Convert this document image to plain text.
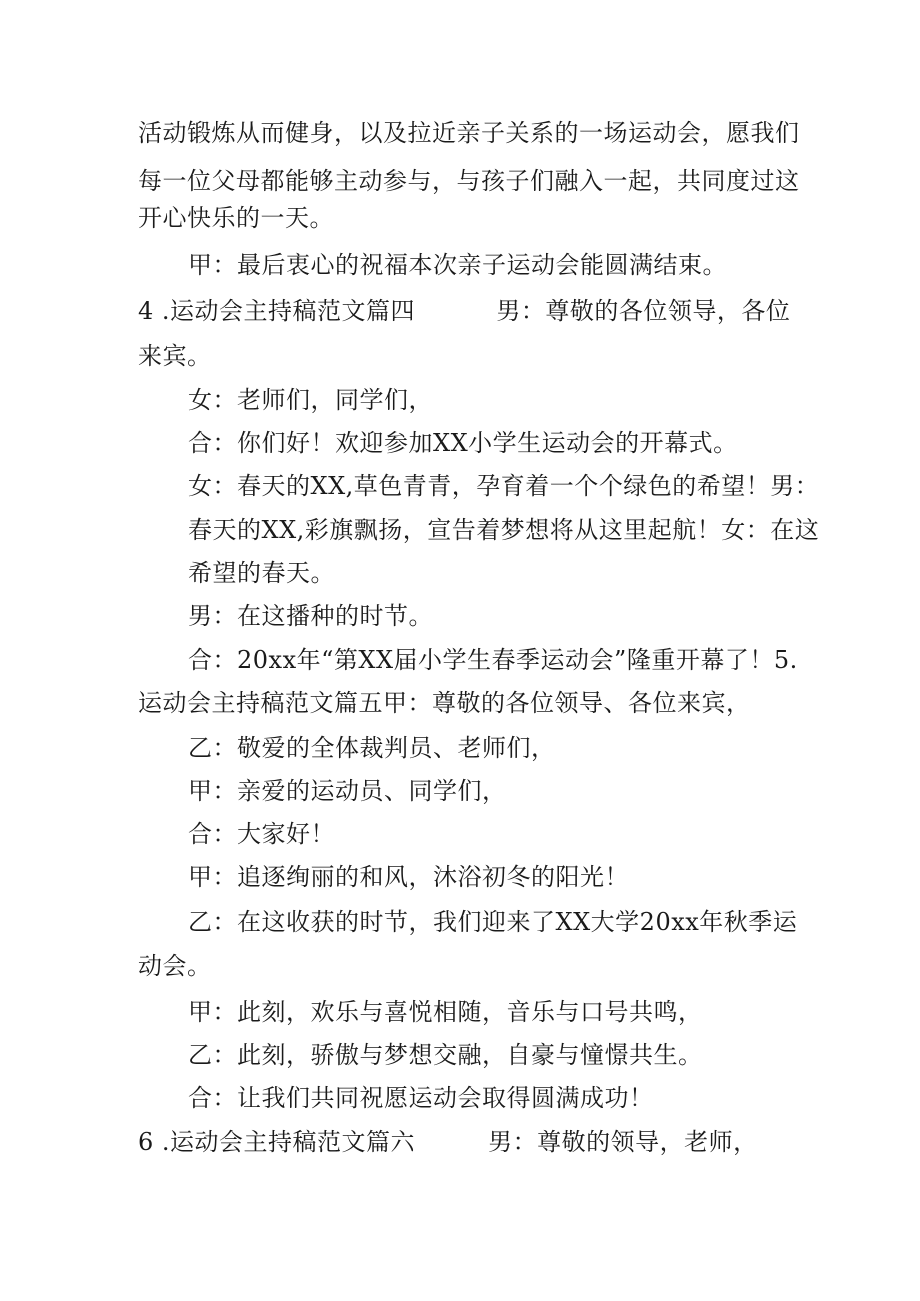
活动锻炼从而健身，以及拉近亲子关系的一场运动会，愿我们
每一位父母都能够主动参与，与孩子们融入一起，共同度过这
开心快乐的一天。
甲：最后衷心的祝福本次亲子运动会能圆满结束。
4 .运动会主持稿范文篇四          男：尊敬的各位领导，各位
来宾。
女：老师们，同学们，
合：你们好！欢迎参加XX小学生运动会的开幕式。
女：春天的XX,草色青青，孕育着一个个绿色的希望！男：
春天的XX,彩旗飘扬，宣告着梦想将从这里起航！女：在这
希望的春天。
男：在这播种的时节。
合：20xx年“第XX届小学生春季运动会”隆重开幕了！5.
运动会主持稿范文篇五甲：尊敬的各位领导、各位来宾，
乙：敬爱的全体裁判员、老师们，
甲：亲爱的运动员、同学们，
合：大家好！
甲：追逐绚丽的和风，沐浴初冬的阳光！
乙：在这收获的时节，我们迎来了XX大学20xx年秋季运
动会。
甲：此刻，欢乐与喜悦相随，音乐与口号共鸣，
乙：此刻，骄傲与梦想交融，自豪与憧憬共生。
合：让我们共同祝愿运动会取得圆满成功！
6 .运动会主持稿范文篇六         男：尊敬的领导，老师，
